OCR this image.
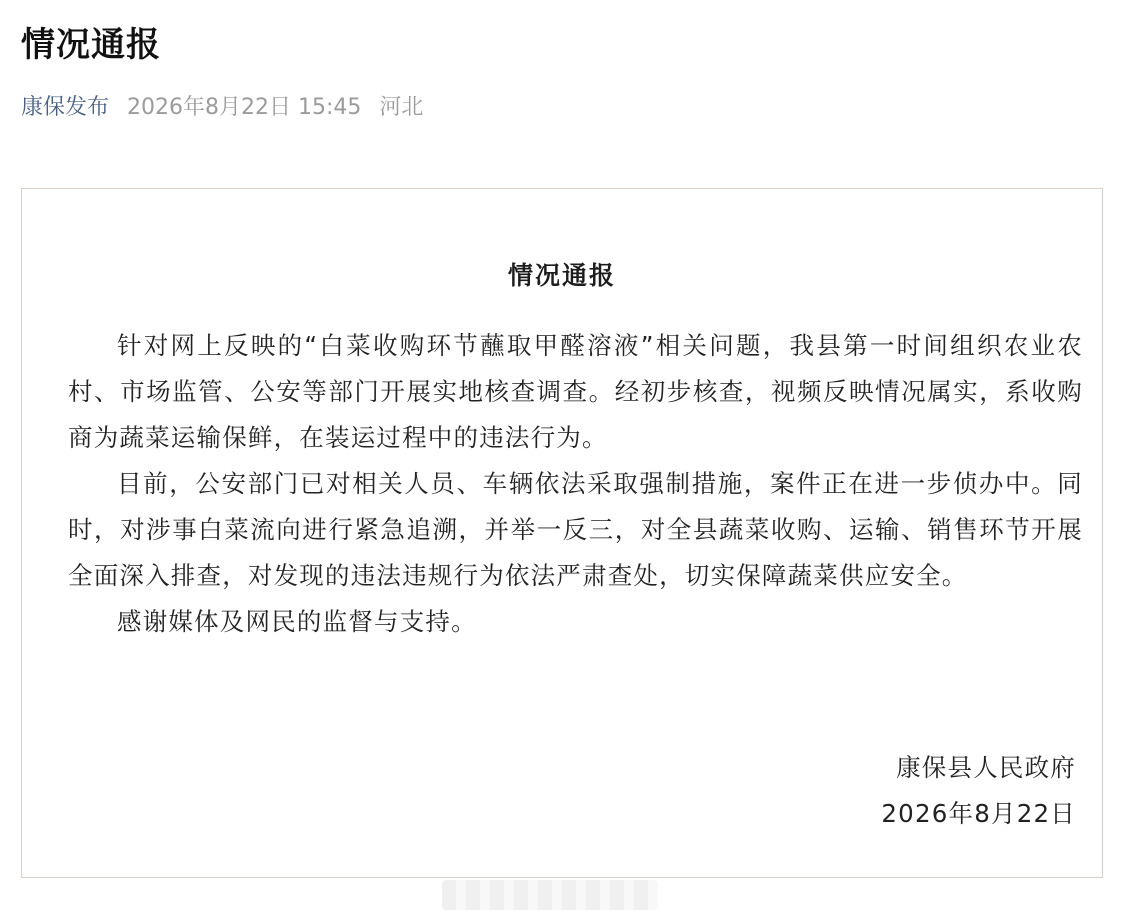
情况通报
康保发布 2026年8月22日 15:45 河北
情况通报

针对网上反映的“白菜收购环节蘸取甲醛溶液”相关问题，我县第一时间组织农业农村、市场监管、公安等部门开展实地核查调查。经初步核查，视频反映情况属实，系收购商为蔬菜运输保鲜，在装运过程中的违法行为。

目前，公安部门已对相关人员、车辆依法采取强制措施，案件正在进一步侦办中。同时，对涉事白菜流向进行紧急追溯，并举一反三，对全县蔬菜收购、运输、销售环节开展全面深入排查，对发现的违法违规行为依法严肃查处，切实保障蔬菜供应安全。

感谢媒体及网民的监督与支持。

康保县人民政府
2026年8月22日
